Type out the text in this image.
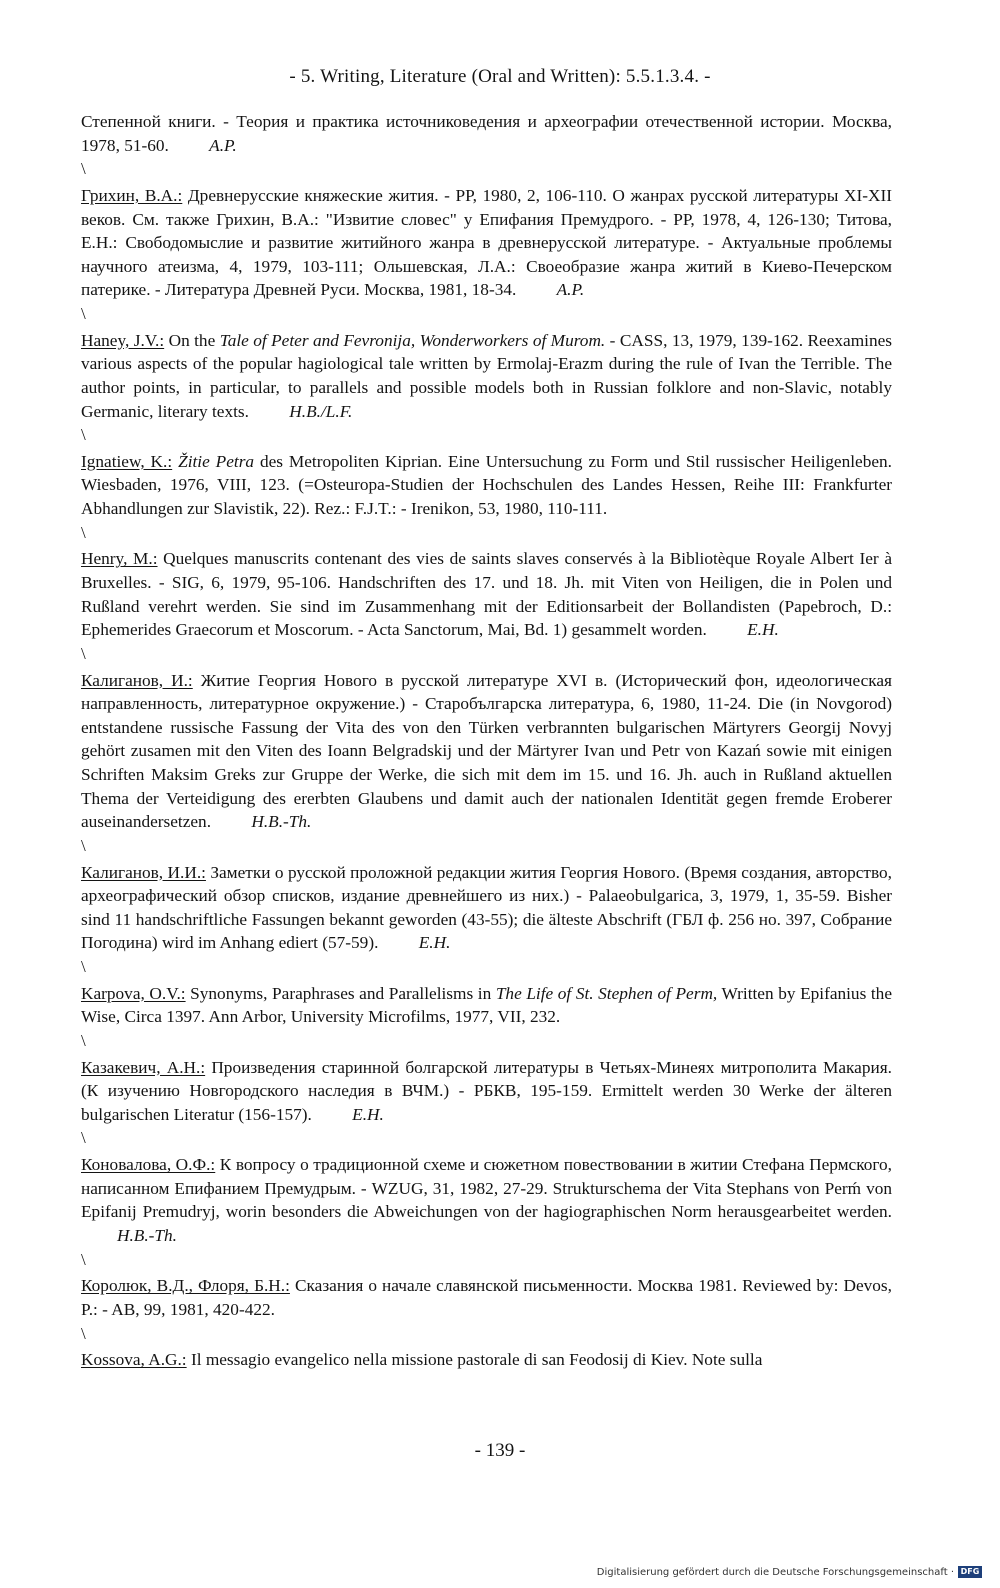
- 5. Writing, Literature (Oral and Written): 5.5.1.3.4. -

Степенной книги. - Теория и практика источниковедения и археографии отечественной истории. Москва, 1978, 51-60. A.P.

\

Грихин, В.А.: Древнерусские княжеские жития. - РР, 1980, 2, 106-110. О жанрах русской литературы XI-XII веков. См. также Грихин, В.А.: "Извитие словес" у Епифания Премудрого. - РР, 1978, 4, 126-130; Титова, Е.Н.: Свободомыслие и развитие житийного жанра в древнерусской литературе. - Актуальные проблемы научного атеизма, 4, 1979, 103-111; Ольшевская, Л.А.: Своеобразие жанра житий в Киево-Печерском патерике. - Литература Древней Руси. Москва, 1981, 18-34. A.P.

\

Haney, J.V.: On the Tale of Peter and Fevronija, Wonderworkers of Murom. - CASS, 13, 1979, 139-162. Reexamines various aspects of the popular hagiological tale written by Ermolaj-Erazm during the rule of Ivan the Terrible. The author points, in particular, to parallels and possible models both in Russian folklore and non-Slavic, notably Germanic, literary texts. H.B./L.F.

\

Ignatiew, K.: Žitie Petra des Metropoliten Kiprian. Eine Untersuchung zu Form und Stil russischer Heiligenleben. Wiesbaden, 1976, VIII, 123. (=Osteuropa-Studien der Hochschulen des Landes Hessen, Reihe III: Frankfurter Abhandlungen zur Slavistik, 22). Rez.: F.J.T.: - Irenikon, 53, 1980, 110-111.

\

Henry, M.: Quelques manuscrits contenant des vies de saints slaves conservés à la Bibliotèque Royale Albert Ier à Bruxelles. - SIG, 6, 1979, 95-106. Handschriften des 17. und 18. Jh. mit Viten von Heiligen, die in Polen und Rußland verehrt werden. Sie sind im Zusammenhang mit der Editionsarbeit der Bollandisten (Papebroch, D.: Ephemerides Graecorum et Moscorum. - Acta Sanctorum, Mai, Bd. 1) gesammelt worden. E.H.

\

Калиганов, И.: Житие Георгия Нового в русской литературе XVI в. (Исторический фон, идеологическая направленность, литературное окружение.) - Старобългарска литература, 6, 1980, 11-24. Die (in Novgorod) entstandene russische Fassung der Vita des von den Türken verbrannten bulgarischen Märtyrers Georgij Novyj gehört zusamen mit den Viten des Ioann Belgradskij und der Märtyrer Ivan und Petr von Kazań sowie mit einigen Schriften Maksim Greks zur Gruppe der Werke, die sich mit dem im 15. und 16. Jh. auch in Rußland aktuellen Thema der Verteidigung des ererbten Glaubens und damit auch der nationalen Identität gegen fremde Eroberer auseinandersetzen. H.B.-Th.

\

Калиганов, И.И.: Заметки о русской проложной редакции жития Георгия Нового. (Время создания, авторство, археографический обзор списков, издание древнейшего из них.) - Palaeobulgarica, 3, 1979, 1, 35-59. Bisher sind 11 handschriftliche Fassungen bekannt geworden (43-55); die älteste Abschrift (ГБЛ ф. 256 но. 397, Собрание Погодина) wird im Anhang ediert (57-59). E.H.

\

Karpova, O.V.: Synonyms, Paraphrases and Parallelisms in The Life of St. Stephen of Perm, Written by Epifanius the Wise, Circa 1397. Ann Arbor, University Microfilms, 1977, VII, 232.

\

Казакевич, А.Н.: Произведения старинной болгарской литературы в Четьях-Минеях митрополита Макария. (К изучению Новгородского наследия в ВЧМ.) - РБКВ, 195-159. Ermittelt werden 30 Werke der älteren bulgarischen Literatur (156-157). E.H.

\

Коновалова, О.Ф.: К вопросу о традиционной схеме и сюжетном повествовании в житии Стефана Пермского, написанном Епифанием Премудрым. - WZUG, 31, 1982, 27-29. Strukturschema der Vita Stephans von Perḿ von Epifanij Premudryj, worin besonders die Abweichungen von der hagiographischen Norm herausgearbeitet werden. H.B.-Th.

\

Королюк, В.Д., Флоря, Б.Н.: Сказания о начале славянской письменности. Москва 1981. Reviewed by: Devos, P.: - AB, 99, 1981, 420-422.

\

Kossova, A.G.: Il messagio evangelico nella missione pastorale di san Feodosij di Kiev. Note sulla

- 139 -
Digitalisierung gefördert durch die Deutsche Forschungsgemeinschaft · DFG
